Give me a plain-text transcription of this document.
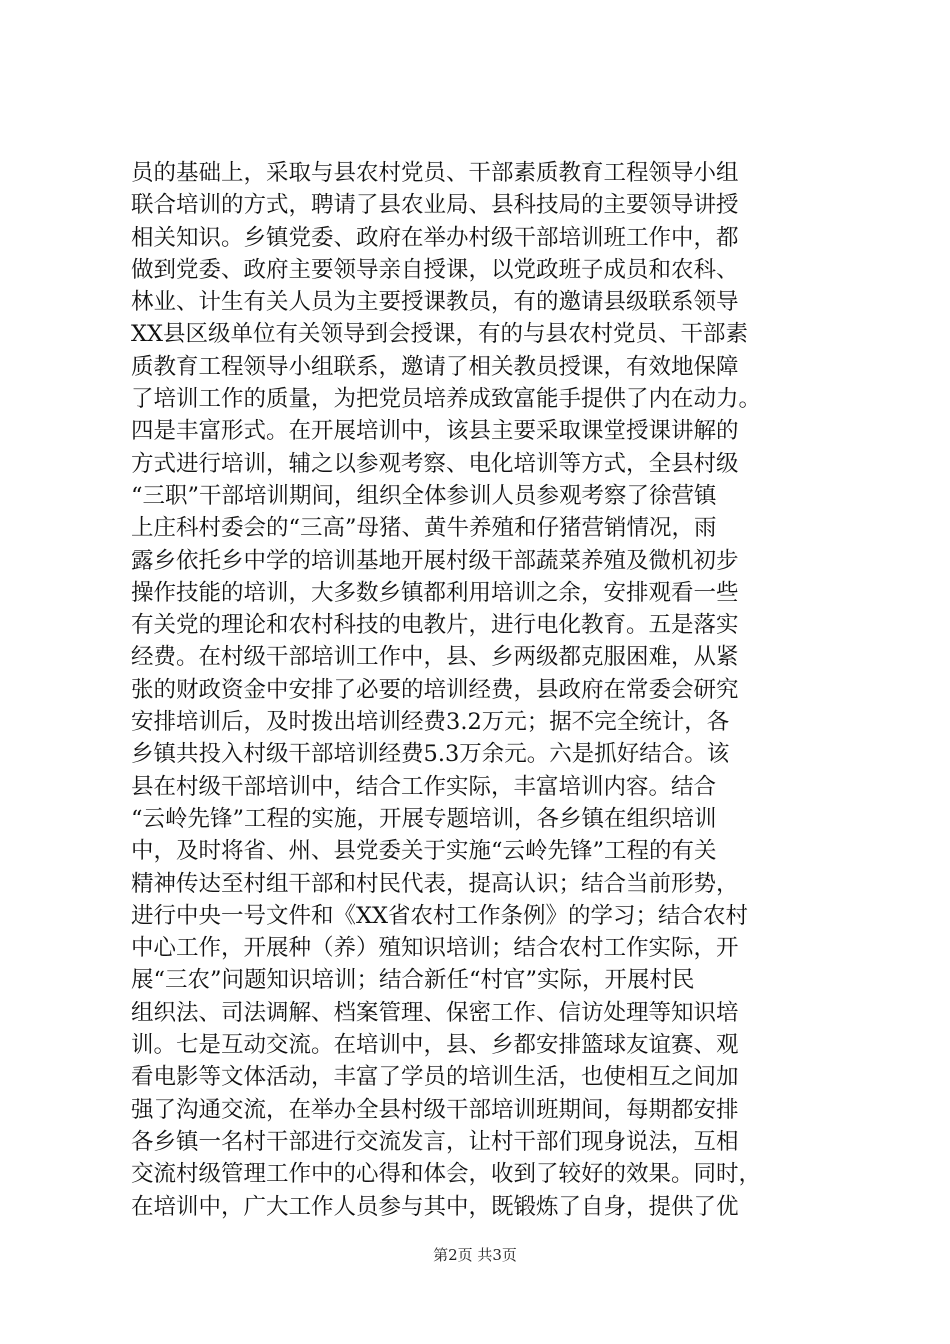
员的基础上，采取与县农村党员、干部素质教育工程领导小组
联合培训的方式，聘请了县农业局、县科技局的主要领导讲授
相关知识。乡镇党委、政府在举办村级干部培训班工作中，都
做到党委、政府主要领导亲自授课，以党政班子成员和农科、
林业、计生有关人员为主要授课教员，有的邀请县级联系领导
XX县区级单位有关领导到会授课，有的与县农村党员、干部素
质教育工程领导小组联系，邀请了相关教员授课，有效地保障
了培训工作的质量，为把党员培养成致富能手提供了内在动力。
四是丰富形式。在开展培训中，该县主要采取课堂授课讲解的
方式进行培训，辅之以参观考察、电化培训等方式，全县村级
“三职”干部培训期间，组织全体参训人员参观考察了徐营镇
上庄科村委会的“三高”母猪、黄牛养殖和仔猪营销情况，雨
露乡依托乡中学的培训基地开展村级干部蔬菜养殖及微机初步
操作技能的培训，大多数乡镇都利用培训之余，安排观看一些
有关党的理论和农村科技的电教片，进行电化教育。五是落实
经费。在村级干部培训工作中，县、乡两级都克服困难，从紧
张的财政资金中安排了必要的培训经费，县政府在常委会研究
安排培训后，及时拨出培训经费3.2万元；据不完全统计，各
乡镇共投入村级干部培训经费5.3万余元。六是抓好结合。该
县在村级干部培训中，结合工作实际，丰富培训内容。结合
“云岭先锋”工程的实施，开展专题培训，各乡镇在组织培训
中，及时将省、州、县党委关于实施“云岭先锋”工程的有关
精神传达至村组干部和村民代表，提高认识；结合当前形势，
进行中央一号文件和《XX省农村工作条例》的学习；结合农村
中心工作，开展种（养）殖知识培训；结合农村工作实际，开
展“三农”问题知识培训；结合新任“村官”实际，开展村民
组织法、司法调解、档案管理、保密工作、信访处理等知识培
训。七是互动交流。在培训中，县、乡都安排篮球友谊赛、观
看电影等文体活动，丰富了学员的培训生活，也使相互之间加
强了沟通交流，在举办全县村级干部培训班期间，每期都安排
各乡镇一名村干部进行交流发言，让村干部们现身说法，互相
交流村级管理工作中的心得和体会，收到了较好的效果。同时，
在培训中，广大工作人员参与其中，既锻炼了自身，提供了优
第2页 共3页
